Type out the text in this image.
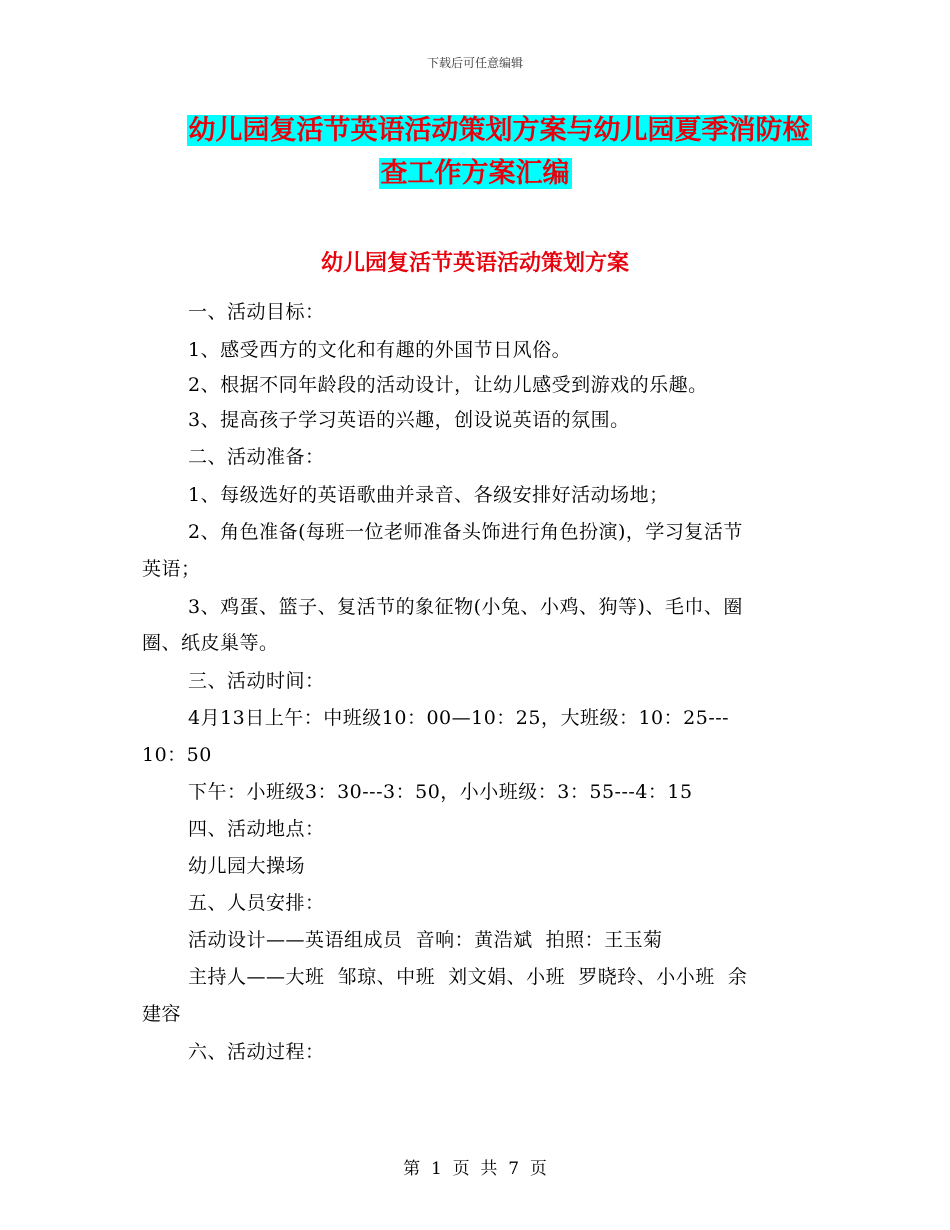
下载后可任意编辑
幼儿园复活节英语活动策划方案与幼儿园夏季消防检
查工作方案汇编
幼儿园复活节英语活动策划方案
一、活动目标：
1、感受西方的文化和有趣的外国节日风俗。
2、根据不同年龄段的活动设计，让幼儿感受到游戏的乐趣。
3、提高孩子学习英语的兴趣，创设说英语的氛围。
二、活动准备：
1、每级选好的英语歌曲并录音、各级安排好活动场地；
2、角色准备(每班一位老师准备头饰进行角色扮演)，学习复活节
英语；
3、鸡蛋、篮子、复活节的象征物(小兔、小鸡、狗等)、毛巾、圈
圈、纸皮巢等。
三、活动时间：
4月13日上午：中班级10：00—10：25，大班级：10：25---
10：50
下午：小班级3：30---3：50，小小班级：3：55---4：15
四、活动地点：
幼儿园大操场
五、人员安排：
活动设计——英语组成员  音响：黄浩斌  拍照：王玉菊
主持人——大班  邹琼、中班  刘文娟、小班  罗晓玲、小小班  余
建容
六、活动过程：
第  1  页  共  7  页
